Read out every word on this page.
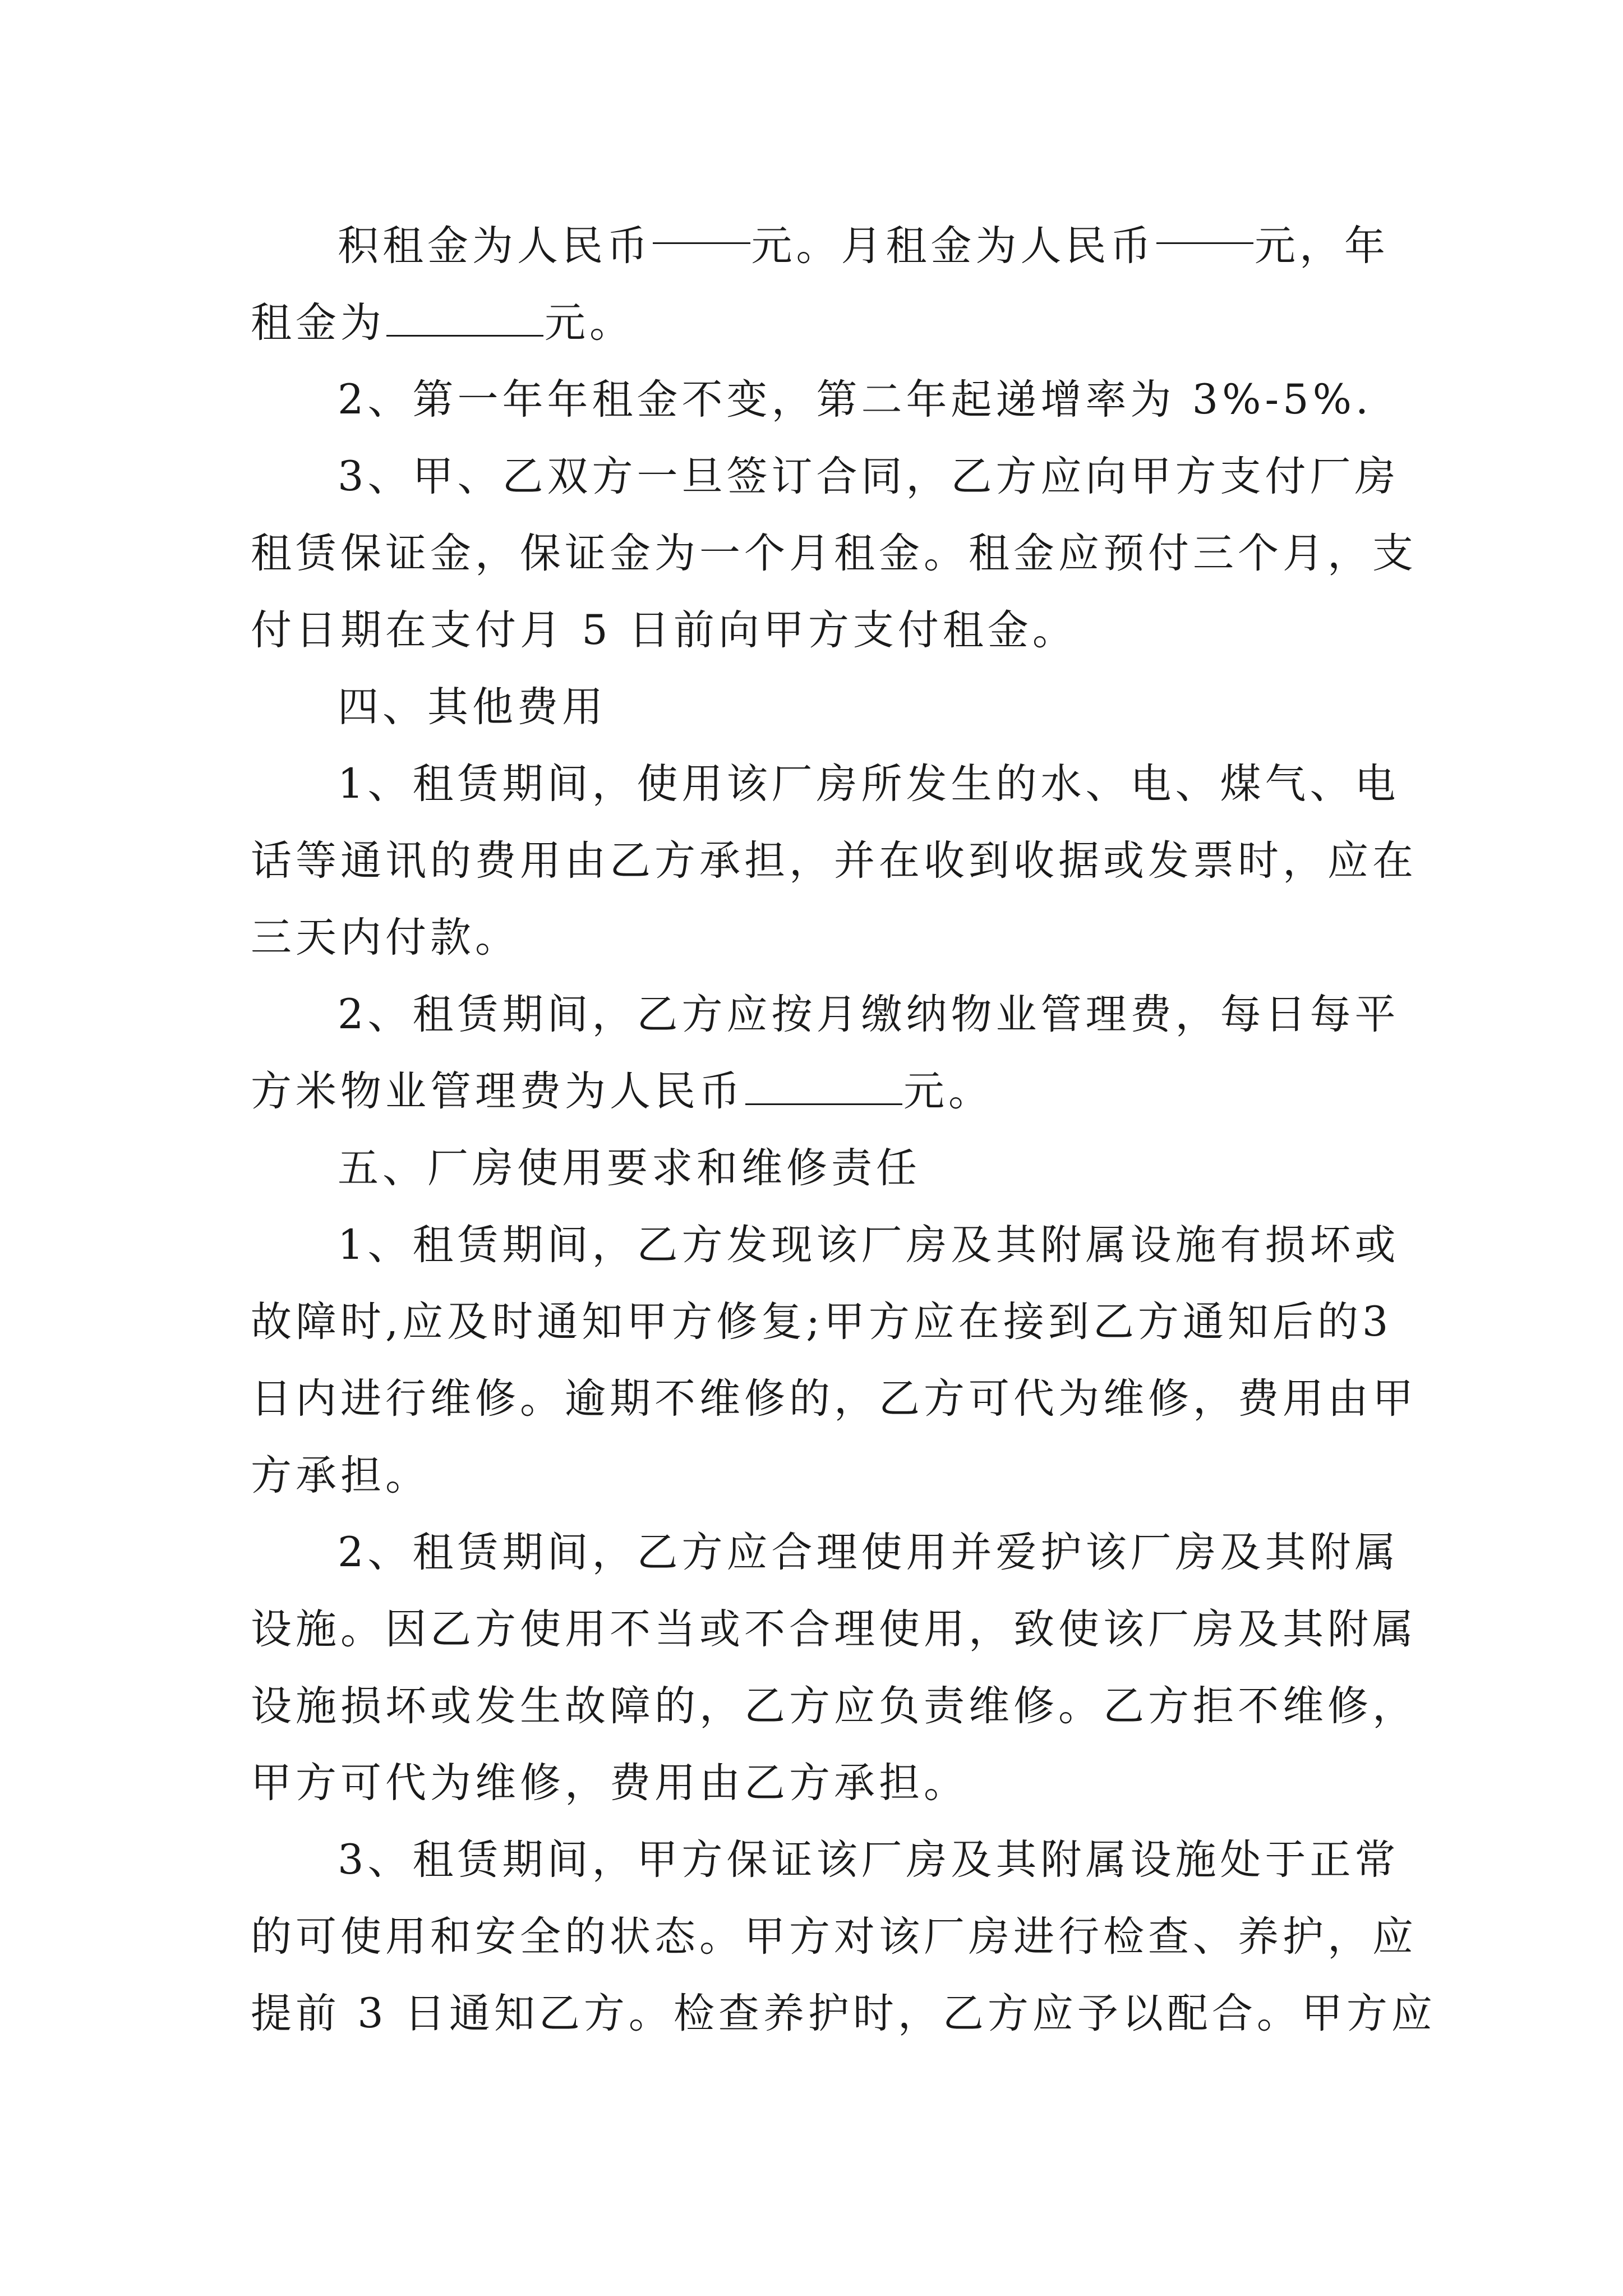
积租金为人民币 元。月租金为人民币 元，年
租金为	元。
2、第一年年租金不变，第二年起递增率为 3%-5%.
3 、 甲 、 乙 双 方 一 旦 签 订 合 同 ， 乙 方 应 向 甲 方 支 付 厂 房
租 赁 保 证 金 ， 保 证 金 为 一 个 月 租 金 。 租 金 应 预 付 三 个 月 ， 支
付日期在支付月 5 日前向甲方支付租金。
四、其他费用
1 、 租 赁 期 间 ， 使 用 该 厂 房 所 发 生 的 水 、 电 、 煤 气 、 电
话 等 通 讯 的 费 用 由 乙 方 承 担 ， 并 在 收 到 收 据 或 发 票 时 ， 应 在
三天内付款。
2 、 租 赁 期 间 ， 乙 方 应 按 月 缴 纳 物 业 管 理 费 ， 每 日 每 平
方米物业管理费为人民币	元。
五、厂房使用要求和维修责任
1 、 租 赁 期 间 ， 乙 方 发 现 该 厂 房 及 其 附 属 设 施 有 损 坏 或
故 障 时 , 应 及 时 通 知 甲 方 修 复 ; 甲 方 应 在 接 到 乙 方 通 知 后 的 3
日 内 进 行 维 修 。 逾 期 不 维 修 的 ， 乙 方 可 代 为 维 修 ， 费 用 由 甲
方承担。
2 、 租 赁 期 间 ， 乙 方 应 合 理 使 用 并 爱 护 该 厂 房 及 其 附 属
设 施 。 因 乙 方 使 用 不 当 或 不 合 理 使 用 ， 致 使 该 厂 房 及 其 附 属
设 施 损 坏 或 发 生 故 障 的 ， 乙 方 应 负 责 维 修 。 乙 方 拒 不 维 修 ，
甲方可代为维修，费用由乙方承担。
3 、 租 赁 期 间 ， 甲 方 保 证 该 厂 房 及 其 附 属 设 施 处 于 正 常
的 可 使 用 和 安 全 的 状 态 。 甲 方 对 该 厂 房 进 行 检 查 、 养 护 ， 应
提前 3 日通知乙方。检查养护时，乙方应予以配合。甲方应
